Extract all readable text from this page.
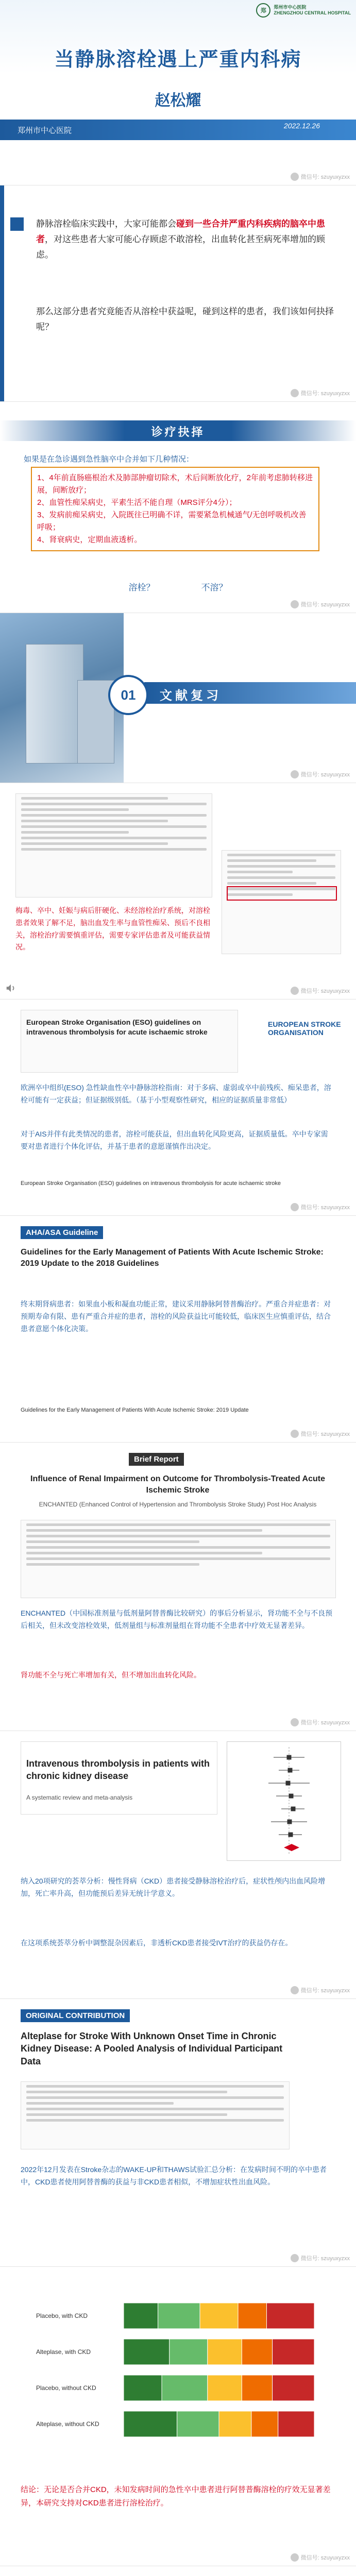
郑
郑州市中心医院
ZHENGZHOU CENTRAL HOSPITAL
当静脉溶栓遇上严重内科病
赵松耀
郑州市中心医院
2022.12.26
微信号: szuyuxyzxx
静脉溶栓临床实践中，大家可能都会碰到一些合并严重内科疾病的脑卒中患者，对这些患者大家可能心存顾虑不敢溶栓，出血转化甚至病死率增加的顾虑。
那么这部分患者究竟能否从溶栓中获益呢，碰到这样的患者，我们该如何抉择呢？
微信号: szuyuxyzxx
诊疗抉择
如果是在急诊遇到急性脑卒中合并如下几种情况：
1、4年前直肠癌根治术及肺部肿瘤切除术，术后间断放化疗，2年前考虑肺转移进展，间断放疗；
2、血管性痴呆病史，平素生活不能自理（MRS评分4分）；
3、发病前痴呆病史，入院既往已明确不详，需要紧急机械通气/无创呼吸机改善呼吸；
4、肾衰病史，定期血液透析。
溶栓？	不溶？
微信号: szuyuxyzxx
01	文献复习
微信号: szuyuxyzxx
梅毒、卒中、妊娠与病后肝硬化、未经溶栓治疗系统，对溶栓患者效果了解不足，脑出血发生率与血管性痴呆、预后不良相关，溶栓治疗需要慎重评估，需要专家评估患者及可能获益情况。
微信号: szuyuxyzxx
European Stroke Organisation (ESO) guidelines on intravenous thrombolysis for acute ischaemic stroke
EUROPEAN STROKE ORGANISATION
欧洲卒中组织(ESO) 急性缺血性卒中静脉溶栓指南：对于多病、虚弱或卒中前残疾、痴呆患者，溶栓可能有一定获益；但证据级别低。（基于小型观察性研究，相应的证据质量非常低）
对于AIS并伴有此类情况的患者，溶栓可能获益，但出血转化风险更高，证据质量低。卒中专家需要对患者进行个体化评估，并基于患者的意愿谨慎作出决定。
European Stroke Organisation (ESO) guidelines on intravenous thrombolysis for acute ischaemic stroke
微信号: szuyuxyzxx
AHA/ASA Guideline
Guidelines for the Early Management of Patients With Acute Ischemic Stroke: 2019 Update to the 2018 Guidelines
终末期肾病患者：如果血小板和凝血功能正常，建议采用静脉阿替普酶治疗。严重合并症患者：对预期寿命有限、患有严重合并症的患者，溶栓的风险获益比可能较低，临床医生应慎重评估，结合患者意愿个体化决策。
Guidelines for the Early Management of Patients With Acute Ischemic Stroke: 2019 Update
微信号: szuyuxyzxx
Brief Report
Influence of Renal Impairment on Outcome for Thrombolysis-Treated Acute Ischemic Stroke
ENCHANTED (Enhanced Control of Hypertension and Thrombolysis Stroke Study) Post Hoc Analysis
ENCHANTED（中国标准剂量与低剂量阿替普酶比较研究）的事后分析显示，肾功能不全与不良预后相关，但未改变溶栓效果，低剂量组与标准剂量组在肾功能不全患者中疗效无显著差异。
肾功能不全与死亡率增加有关，但不增加出血转化风险。
微信号: szuyuxyzxx
Intravenous thrombolysis in patients with chronic kidney disease
A systematic review and meta-analysis
纳入20项研究的荟萃分析：慢性肾病（CKD）患者接受静脉溶栓治疗后，症状性颅内出血风险增加，死亡率升高，但功能预后差异无统计学意义。
在这项系统荟萃分析中调整混杂因素后，非透析CKD患者接受IVT治疗的获益仍存在。
微信号: szuyuxyzxx
ORIGINAL CONTRIBUTION
Alteplase for Stroke With Unknown Onset Time in Chronic Kidney Disease: A Pooled Analysis of Individual Participant Data
2022年12月发表在Stroke杂志的WAKE-UP和THAWS试验汇总分析：在发病时间不明的卒中患者中，CKD患者使用阿替普酶的获益与非CKD患者相似，不增加症状性出血风险。
微信号: szuyuxyzxx
Placebo, with CKD
Alteplase, with CKD
Placebo, without CKD
Alteplase, without CKD
结论：无论是否合并CKD，未知发病时间的急性卒中患者进行阿替普酶溶栓的疗效无显著差异，本研究支持对CKD患者进行溶栓治疗。
微信号: szuyuxyzxx
